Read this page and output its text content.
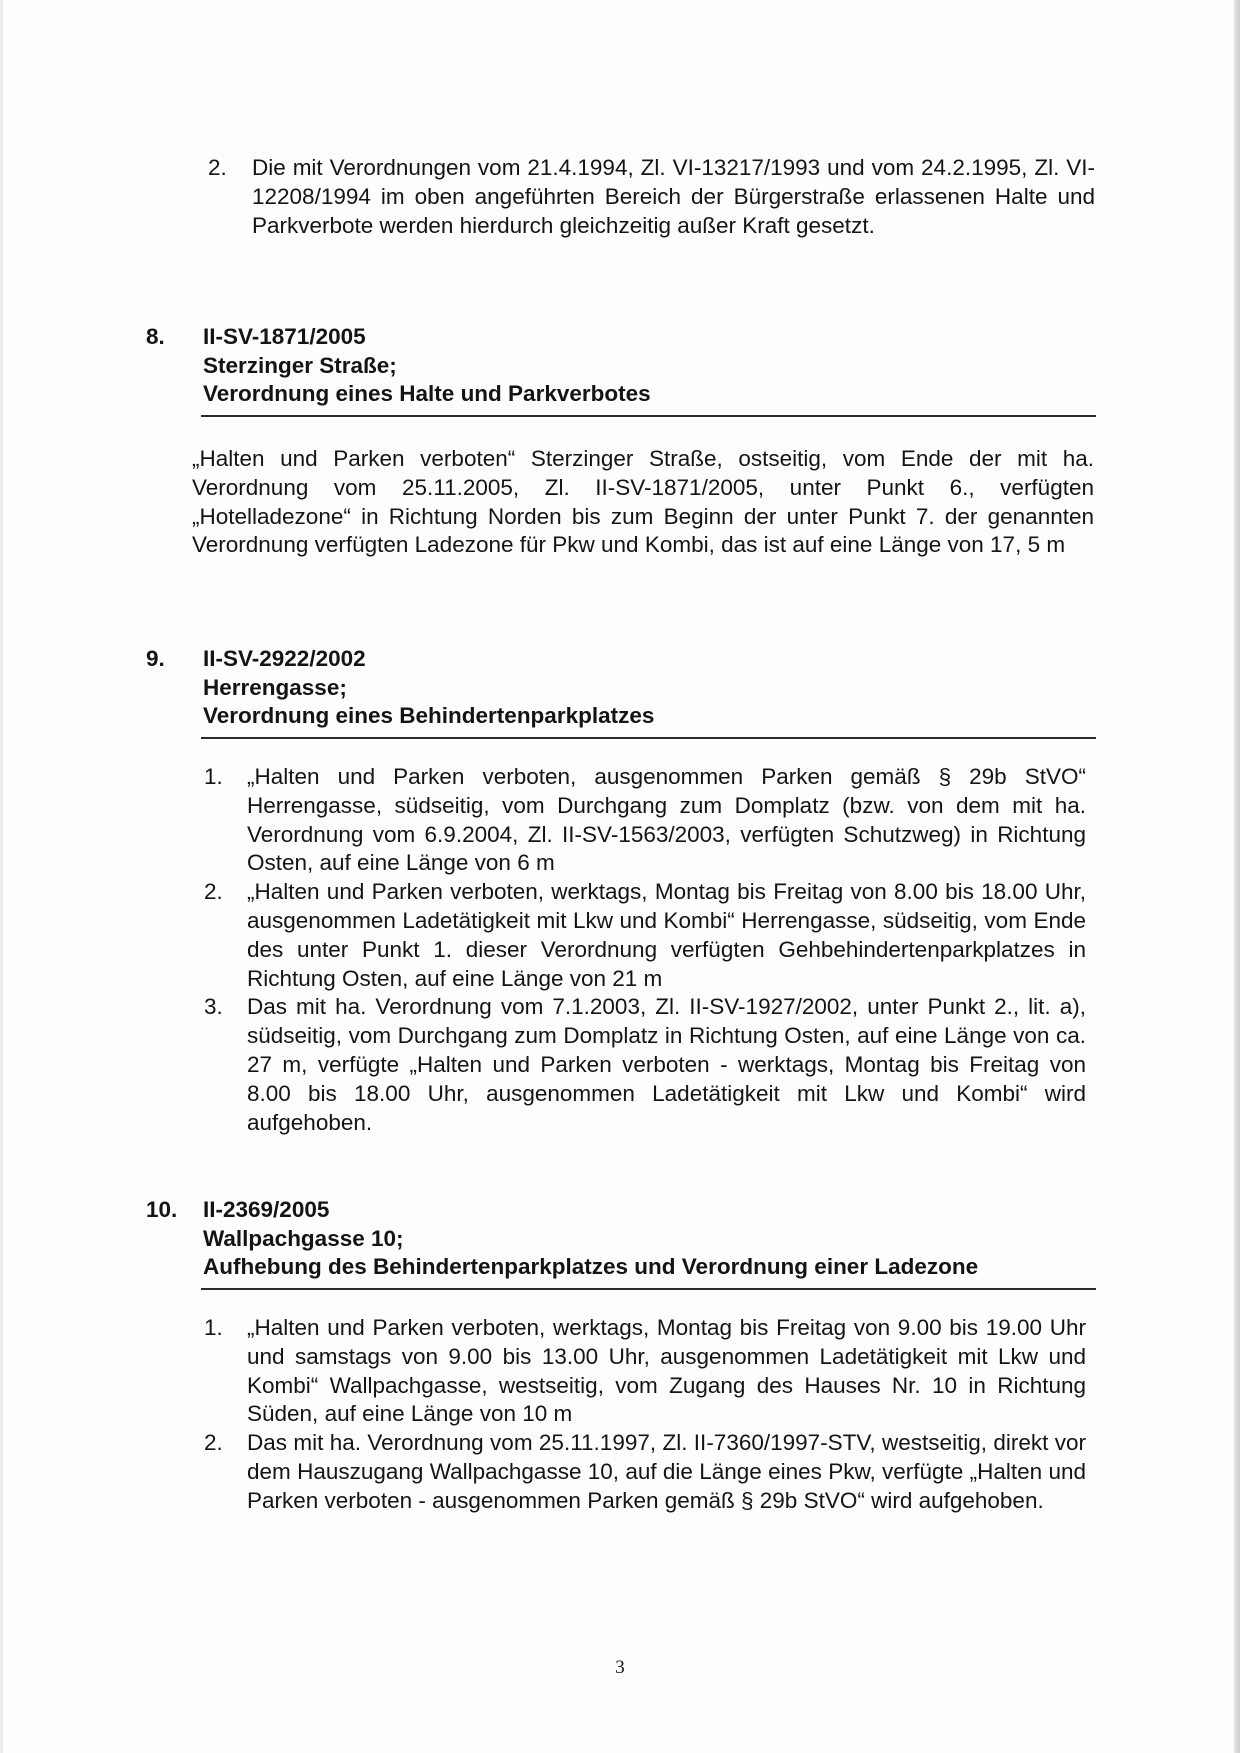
2. Die mit Verordnungen vom 21.4.1994, Zl. VI-13217/1993 und vom 24.2.1995, Zl. VI-12208/1994 im oben angeführten Bereich der Bürgerstraße erlassenen Halte und Parkverbote werden hierdurch gleichzeitig außer Kraft gesetzt.
8. II-SV-1871/2005
Sterzinger Straße;
Verordnung eines Halte und Parkverbotes

„Halten und Parken verboten“ Sterzinger Straße, ostseitig, vom Ende der mit ha. Verordnung vom 25.11.2005, Zl. II-SV-1871/2005, unter Punkt 6., verfügten „Hotelladezone“ in Richtung Norden bis zum Beginn der unter Punkt 7. der genannten Verordnung verfügten Ladezone für Pkw und Kombi, das ist auf eine Länge von 17, 5 m

9. II-SV-2922/2002
Herrengasse;
Verordnung eines Behindertenparkplatzes
1. „Halten und Parken verboten, ausgenommen Parken gemäß § 29b StVO“ Herrengasse, südseitig, vom Durchgang zum Domplatz (bzw. von dem mit ha. Verordnung vom 6.9.2004, Zl. II-SV-1563/2003, verfügten Schutzweg) in Richtung Osten, auf eine Länge von 6 m
2. „Halten und Parken verboten, werktags, Montag bis Freitag von 8.00 bis 18.00 Uhr, ausgenommen Ladetätigkeit mit Lkw und Kombi“ Herrengasse, südseitig, vom Ende des unter Punkt 1. dieser Verordnung verfügten Gehbehindertenparkplatzes in Richtung Osten, auf eine Länge von 21 m
3. Das mit ha. Verordnung vom 7.1.2003, Zl. II-SV-1927/2002, unter Punkt 2., lit. a), südseitig, vom Durchgang zum Domplatz in Richtung Osten, auf eine Länge von ca. 27 m, verfügte „Halten und Parken verboten - werktags, Montag bis Freitag von 8.00 bis 18.00 Uhr, ausgenommen Ladetätigkeit mit Lkw und Kombi“ wird aufgehoben.
10. II-2369/2005
Wallpachgasse 10;
Aufhebung des Behindertenparkplatzes und Verordnung einer Ladezone
1. „Halten und Parken verboten, werktags, Montag bis Freitag von 9.00 bis 19.00 Uhr und samstags von 9.00 bis 13.00 Uhr, ausgenommen Ladetätigkeit mit Lkw und Kombi“ Wallpachgasse, westseitig, vom Zugang des Hauses Nr. 10 in Richtung Süden, auf eine Länge von 10 m
2. Das mit ha. Verordnung vom 25.11.1997, Zl. II-7360/1997-STV, westseitig, direkt vor dem Hauszugang Wallpachgasse 10, auf die Länge eines Pkw, verfügte „Halten und Parken verboten - ausgenommen Parken gemäß § 29b StVO“ wird aufgehoben.
3
